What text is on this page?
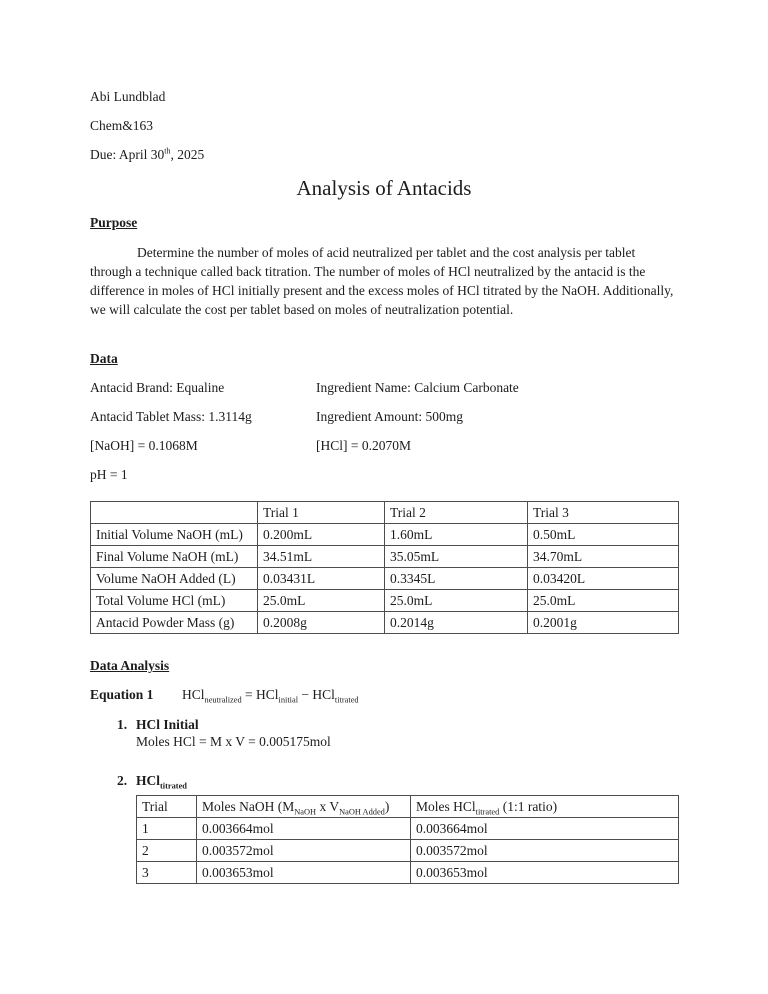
Abi Lundblad

Chem&163

Due: April 30th, 2025

Analysis of Antacids
Purpose

Determine the number of moles of acid neutralized per tablet and the cost analysis per tablet through a technique called back titration. The number of moles of HCl neutralized by the antacid is the difference in moles of HCl initially present and the excess moles of HCl titrated by the NaOH. Additionally, we will calculate the cost per tablet based on moles of neutralization potential.

Data
Antacid Brand: Equaline	Ingredient Name: Calcium Carbonate
Antacid Tablet Mass: 1.3114g	Ingredient Amount: 500mg
[NaOH] = 0.1068M	[HCl] = 0.2070M
pH = 1
	Trial 1	Trial 2	Trial 3
Initial Volume NaOH (mL)	0.200mL	1.60mL	0.50mL
Final Volume NaOH (mL)	34.51mL	35.05mL	34.70mL
Volume NaOH Added (L)	0.03431L	0.3345L	0.03420L
Total Volume HCl (mL)	25.0mL	25.0mL	25.0mL
Antacid Powder Mass (g)	0.2008g	0.2014g	0.2001g
Data Analysis

Equation 1 HCl$_{neutralized}$ = HCl$_{initial}$ − HCl$_{titrated}$

1. HCl Initial

Moles HCl = M x V = 0.005175mol

2. HCl$_{titrated}$
Trial	Moles NaOH ($M_{NaOH}$ x $V_{NaOH Added}$)	Moles HCl$_{titrated}$ (1:1 ratio)
1	0.003664mol	0.003664mol
2	0.003572mol	0.003572mol
3	0.003653mol	0.003653mol
